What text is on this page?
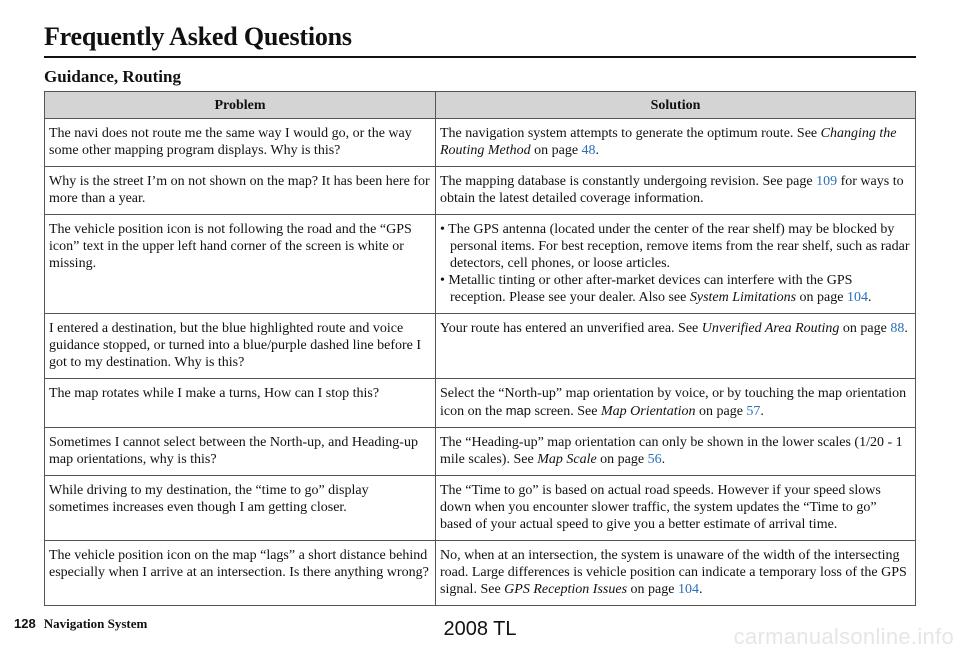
Frequently Asked Questions
Guidance, Routing
Problem	Solution
The navi does not route me the same way I would go, or the way some other mapping program displays. Why is this?	The navigation system attempts to generate the optimum route. See Changing the Routing Method on page 48.
Why is the street I’m on not shown on the map? It has been here for more than a year.	The mapping database is constantly undergoing revision. See page 109 for ways to obtain the latest detailed coverage information.
The vehicle position icon is not following the road and the “GPS icon” text in the upper left hand corner of the screen is white or missing.	• The GPS antenna (located under the center of the rear shelf) may be blocked by personal items. For best reception, remove items from the rear shelf, such as radar detectors, cell phones, or loose articles.
• Metallic tinting or other after-market devices can interfere with the GPS reception. Please see your dealer. Also see System Limitations on page 104.

I entered a destination, but the blue highlighted route and voice guidance stopped, or turned into a blue/purple dashed line before I got to my destination. Why is this?	Your route has entered an unverified area. See Unverified Area Routing on page 88.
The map rotates while I make a turns, How can I stop this?	Select the “North-up” map orientation by voice, or by touching the map orientation icon on the map screen. See Map Orientation on page 57.
Sometimes I cannot select between the North-up, and Heading-up map orientations, why is this?	The “Heading-up” map orientation can only be shown in the lower scales (1/20 - 1 mile scales). See Map Scale on page 56.
While driving to my destination, the “time to go” display sometimes increases even though I am getting closer.	The “Time to go” is based on actual road speeds. However if your speed slows down when you encounter slower traffic, the system updates the “Time to go” based of your actual speed to give you a better estimate of arrival time.
The vehicle position icon on the map “lags” a short distance behind especially when I arrive at an intersection. Is there anything wrong?	No, when at an intersection, the system is unaware of the width of the intersecting road. Large differences is vehicle position can indicate a temporary loss of the GPS signal. See GPS Reception Issues on page 104.
128 Navigation System	2008 TL	carmanualsonline.info
